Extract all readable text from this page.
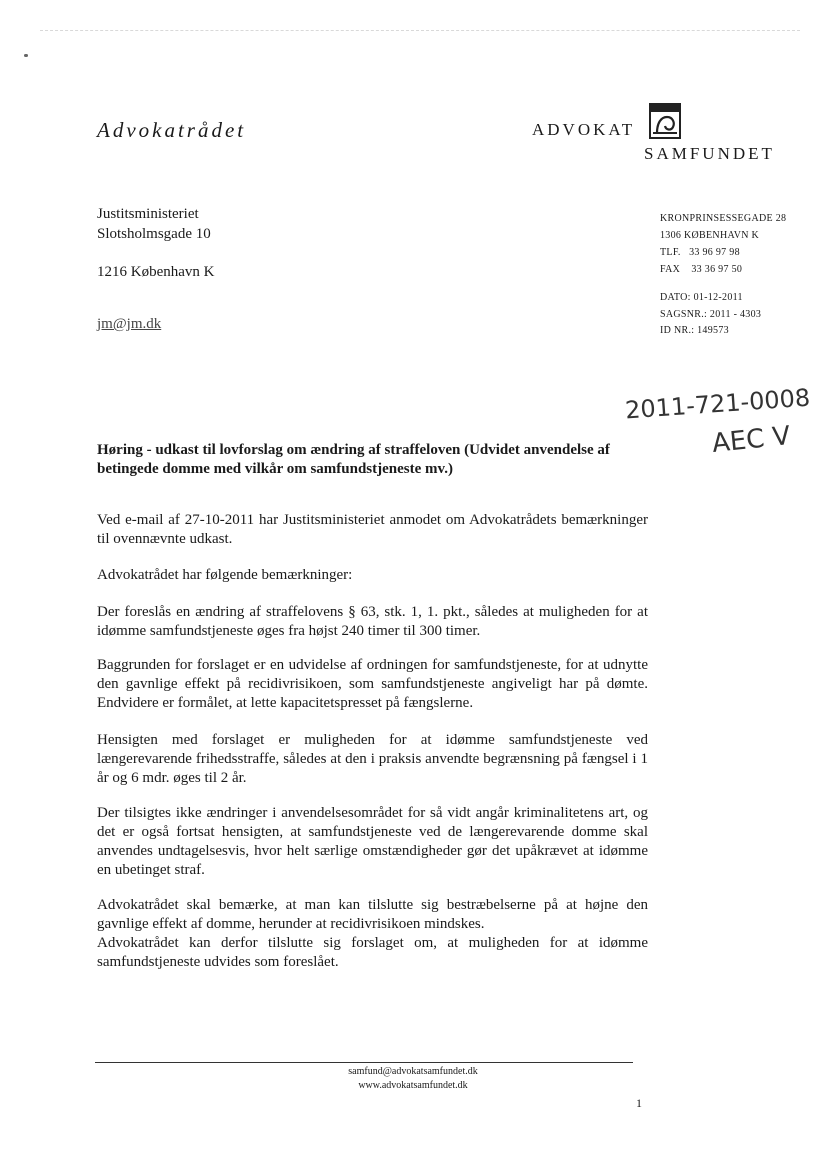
Advokatrådet	ADVOKAT
SAMFUNDET
Justitsministeriet
Slotsholmsgade 10
1216 København K
jm@jm.dk
KRONPRINSESSEGADE 28
1306 KØBENHAVN K
TLF.   33 96 97 98
FAX    33 36 97 50
DATO: 01-12-2011
SAGSNR.: 2011 - 4303
ID NR.: 149573
2011-721-0008
AEC V
Høring - udkast til lovforslag om ændring af straffeloven (Udvidet anvendelse af betingede domme med vilkår om samfundstjeneste mv.)
Ved e-mail af 27-10-2011 har Justitsministeriet anmodet om Advokatrådets bemærkninger til ovennævnte udkast.
Advokatrådet har følgende bemærkninger:
Der foreslås en ændring af straffelovens § 63, stk. 1, 1. pkt., således at muligheden for at idømme samfundstjeneste øges fra højst 240 timer til 300 timer.
Baggrunden for forslaget er en udvidelse af ordningen for samfundstjeneste, for at udnytte den gavnlige effekt på recidivrisikoen, som samfundstjeneste angiveligt har på dømte. Endvidere er formålet, at lette kapacitetspresset på fængslerne.
Hensigten med forslaget er muligheden for at idømme samfundstjeneste ved længerevarende frihedsstraffe, således at den i praksis anvendte begrænsning på fængsel i 1 år og 6 mdr. øges til 2 år.
Der tilsigtes ikke ændringer i anvendelsesområdet for så vidt angår kriminalitetens art, og det er også fortsat hensigten, at samfundstjeneste ved de længerevarende domme skal anvendes undtagelsesvis, hvor helt særlige omstændigheder gør det upåkrævet at idømme en ubetinget straf.
Advokatrådet skal bemærke, at man kan tilslutte sig bestræbelserne på at højne den gavnlige effekt af domme, herunder at recidivrisikoen mindskes.
Advokatrådet kan derfor tilslutte sig forslaget om, at muligheden for at idømme samfundstjeneste udvides som foreslået.
samfund@advokatsamfundet.dk
www.advokatsamfundet.dk
1
